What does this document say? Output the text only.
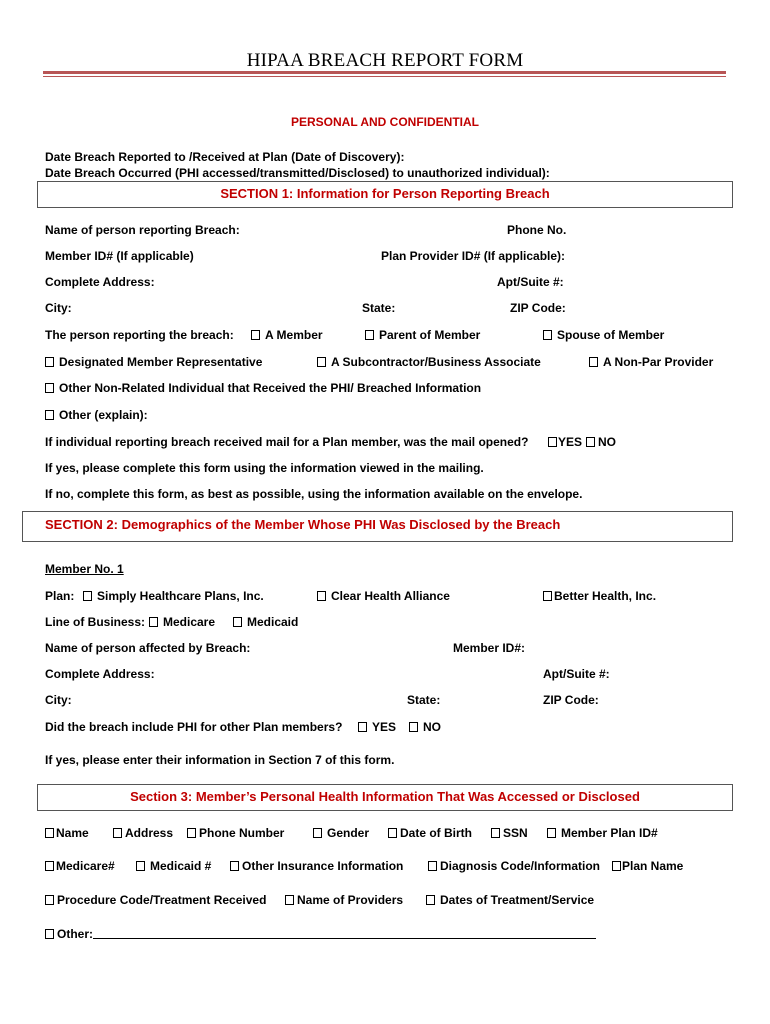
HIPAA BREACH REPORT FORM
PERSONAL AND CONFIDENTIAL
Date Breach Reported to /Received at Plan (Date of Discovery):
Date Breach Occurred (PHI accessed/transmitted/Disclosed) to unauthorized individual):
SECTION 1: Information for Person Reporting Breach
Name of person reporting Breach:	Phone No.
Member ID# (If applicable)	Plan Provider ID# (If applicable):
Complete Address:	Apt/Suite #:
City:	State:	ZIP Code:
The person reporting the breach:	A Member	Parent of Member	Spouse of Member
Designated Member Representative	A Subcontractor/Business Associate	A Non-Par Provider
Other Non-Related Individual that Received the PHI/ Breached Information
Other (explain):
If individual reporting breach received mail for a Plan member, was the mail opened?	YES	NO
If yes, please complete this form using the information viewed in the mailing.
If no, complete this form, as best as possible, using the information available on the envelope.
SECTION 2: Demographics of the Member Whose PHI Was Disclosed by the Breach
Member No. 1
Plan:	Simply Healthcare Plans, Inc.	Clear Health Alliance	Better Health, Inc.
Line of Business:	Medicare	Medicaid
Name of person affected by Breach:	Member ID#:
Complete Address:	Apt/Suite #:
City:	State:	ZIP Code:
Did the breach include PHI for other Plan members?	YES	NO
If yes, please enter their information in Section 7 of this form.
Section 3: Member’s Personal Health Information That Was Accessed or Disclosed
Name	Address	Phone Number	Gender	Date of Birth	SSN	Member Plan ID#
Medicare#	Medicaid #	Other Insurance Information	Diagnosis Code/Information	Plan Name
Procedure Code/Treatment Received	Name of Providers	Dates of Treatment/Service
Other:
